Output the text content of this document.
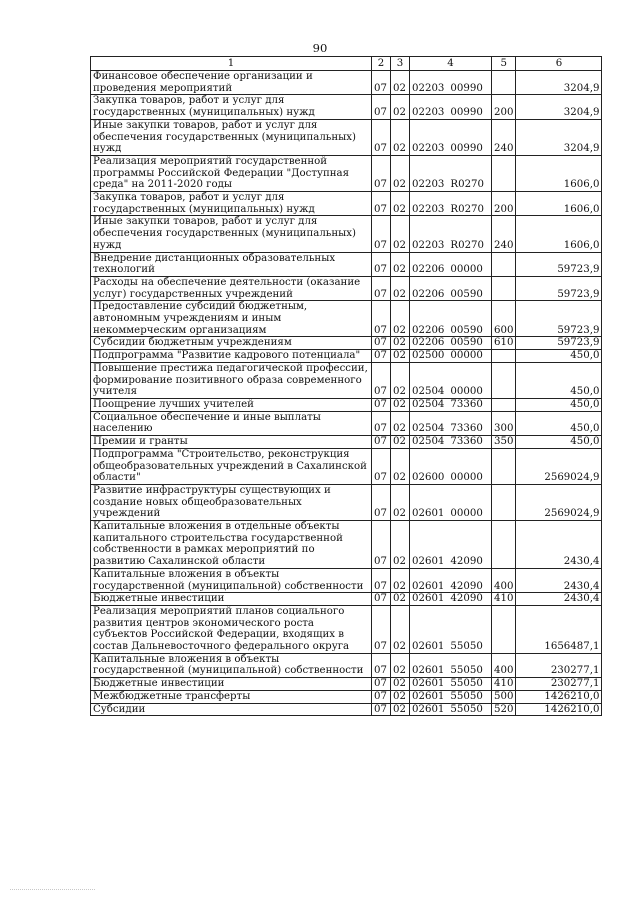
90
1	2	3	4	5	6
Финансовое обеспечение организации и проведения мероприятий	07	02	02203 00990		3204,9
Закупка товаров, работ и услуг для государственных (муниципальных) нужд	07	02	02203 00990	200	3204,9
Иные закупки товаров, работ и услуг для обеспечения государственных (муниципальных) нужд	07	02	02203 00990	240	3204,9
Реализация мероприятий государственной программы Российской Федерации "Доступная среда" на 2011-2020 годы	07	02	02203 R0270		1606,0
Закупка товаров, работ и услуг для государственных (муниципальных) нужд	07	02	02203 R0270	200	1606,0
Иные закупки товаров, работ и услуг для обеспечения государственных (муниципальных) нужд	07	02	02203 R0270	240	1606,0
Внедрение дистанционных образовательных технологий	07	02	02206 00000		59723,9
Расходы на обеспечение деятельности (оказание услуг) государственных учреждений	07	02	02206 00590		59723,9
Предоставление субсидий бюджетным, автономным учреждениям и иным некоммерческим организациям	07	02	02206 00590	600	59723,9
Субсидии бюджетным учреждениям	07	02	02206 00590	610	59723,9
Подпрограмма "Развитие кадрового потенциала"	07	02	02500 00000		450,0
Повышение престижа педагогической профессии, формирование позитивного образа современного учителя	07	02	02504 00000		450,0
Поощрение лучших учителей	07	02	02504 73360		450,0
Социальное обеспечение и иные выплаты населению	07	02	02504 73360	300	450,0
Премии и гранты	07	02	02504 73360	350	450,0
Подпрограмма "Строительство, реконструкция общеобразовательных учреждений в Сахалинской области"	07	02	02600 00000		2569024,9
Развитие инфраструктуры существующих и создание новых общеобразовательных учреждений	07	02	02601 00000		2569024,9
Капитальные вложения в отдельные объекты капитального строительства государственной собственности в рамках мероприятий по развитию Сахалинской области	07	02	02601 42090		2430,4
Капитальные вложения в объекты государственной (муниципальной) собственности	07	02	02601 42090	400	2430,4
Бюджетные инвестиции	07	02	02601 42090	410	2430,4
Реализация мероприятий планов социального развития центров экономического роста субъектов Российской Федерации, входящих в состав Дальневосточного федерального округа	07	02	02601 55050		1656487,1
Капитальные вложения в объекты государственной (муниципальной) собственности	07	02	02601 55050	400	230277,1
Бюджетные инвестиции	07	02	02601 55050	410	230277,1
Межбюджетные трансферты	07	02	02601 55050	500	1426210,0
Субсидии	07	02	02601 55050	520	1426210,0
